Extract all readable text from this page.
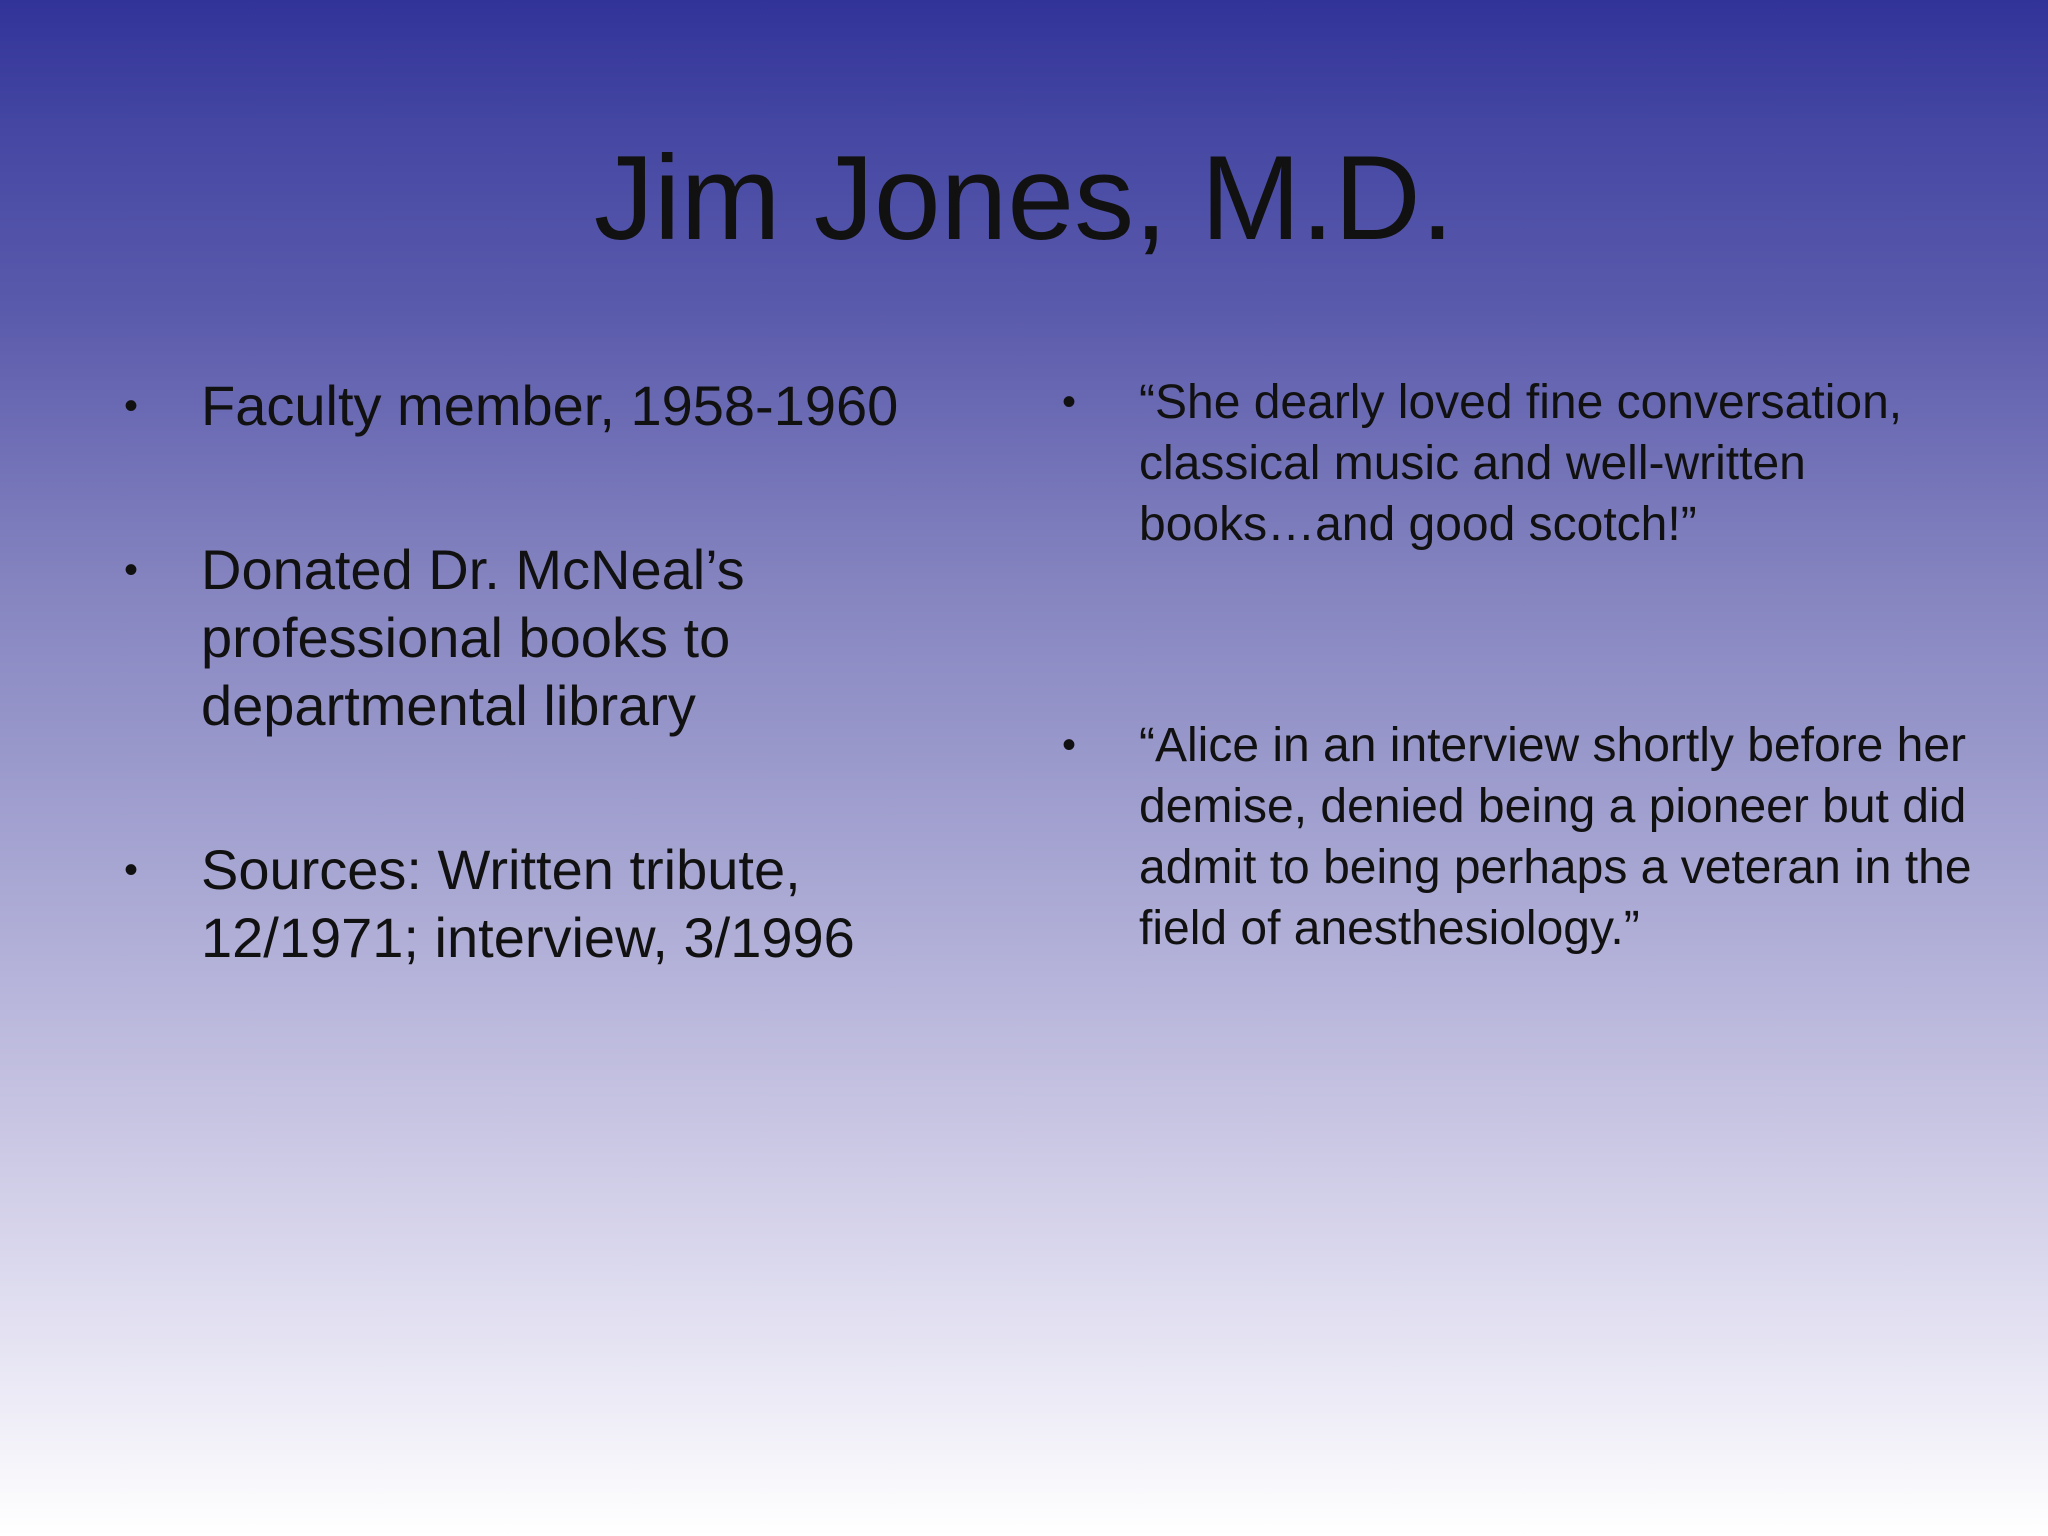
Jim Jones, M.D.
• Faculty member, 1958-1960
• Donated Dr. McNeal’s professional books to departmental library
• Sources: Written tribute, 12/1971; interview, 3/1996
• “She dearly loved fine conversation, classical music and well-written books…and good scotch!”
• “Alice in an interview shortly before her demise, denied being a pioneer but did admit to being perhaps a veteran in the field of anesthesiology.”
